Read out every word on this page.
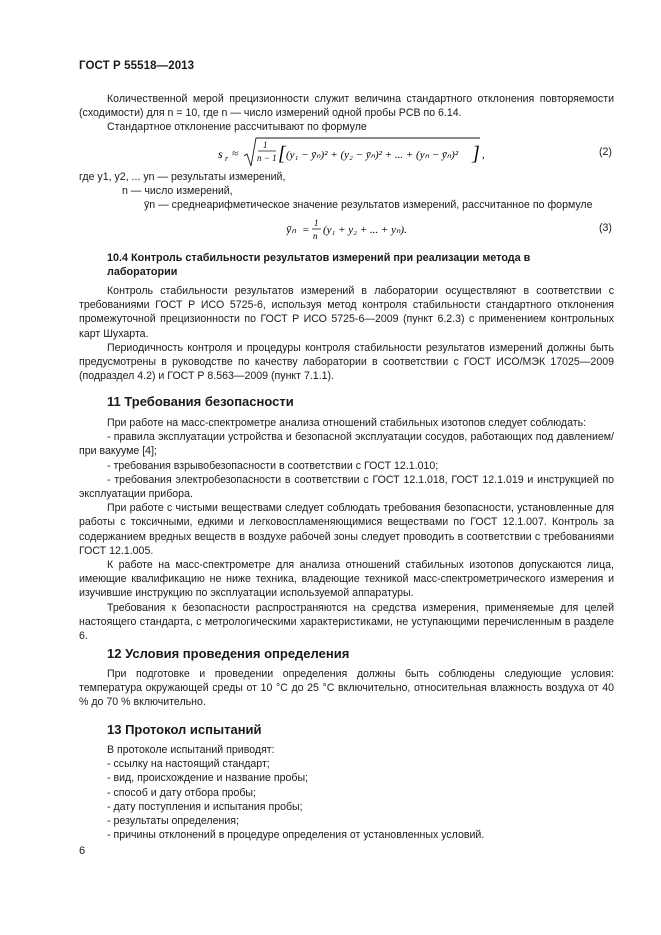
ГОСТ Р 55518—2013

Количественной мерой прецизионности служит величина стандартного отклонения повторяемости (сходимости) для n = 10, где n — число измерений одной пробы PCB по 6.14.

Стандартное отклонение рассчитывают по формуле

s r ≈
1
n − 1 [ (y₁ − ȳₙ)² + (y₂ − ȳₙ)² + ... + (yₙ − ȳₙ)² ] ,	(2)
где y1, y2, ... yn — результаты измерений,
n — число измерений,
ȳn — среднеарифметическое значение результатов измерений, рассчитанное по формуле
ȳₙ =
1
n (y₁ + y₂ + ... + yₙ).	(3)
10.4 Контроль стабильности результатов измерений при реализации метода в лаборатории

Контроль стабильности результатов измерений в лаборатории осуществляют в соответствии с требованиями ГОСТ Р ИСО 5725-6, используя метод контроля стабильности стандартного отклонения промежуточной прецизионности по ГОСТ Р ИСО 5725-6—2009 (пункт 6.2.3) с применением контрольных карт Шухарта.

Периодичность контроля и процедуры контроля стабильности результатов измерений должны быть предусмотрены в руководстве по качеству лаборатории в соответствии с ГОСТ ИСО/МЭК 17025—2009 (подраздел 4.2) и ГОСТ Р 8.563—2009 (пункт 7.1.1).

11 Требования безопасности

При работе на масс-спектрометре анализа отношений стабильных изотопов следует соблюдать:

- правила эксплуатации устройства и безопасной эксплуатации сосудов, работающих под давлением/при вакууме [4];

- требования взрывобезопасности в соответствии с ГОСТ 12.1.010;

- требования электробезопасности в соответствии с ГОСТ 12.1.018, ГОСТ 12.1.019 и инструкцией по эксплуатации прибора.

При работе с чистыми веществами следует соблюдать требования безопасности, установленные для работы с токсичными, едкими и легковоспламеняющимися веществами по ГОСТ 12.1.007. Контроль за содержанием вредных веществ в воздухе рабочей зоны следует проводить в соответствии с требованиями ГОСТ 12.1.005.

К работе на масс-спектрометре для анализа отношений стабильных изотопов допускаются лица, имеющие квалификацию не ниже техника, владеющие техникой масс-спектрометрического измерения и изучившие инструкцию по эксплуатации используемой аппаратуры.

Требования к безопасности распространяются на средства измерения, применяемые для целей настоящего стандарта, с метрологическими характеристиками, не уступающими перечисленным в разделе 6.

12 Условия проведения определения

При подготовке и проведении определения должны быть соблюдены следующие условия: температура окружающей среды от 10 °С до 25 °С включительно, относительная влажность воздуха от 40 % до 70 % включительно.

13 Протокол испытаний

В протоколе испытаний приводят:

- ссылку на настоящий стандарт;

- вид, происхождение и название пробы;

- способ и дату отбора пробы;

- дату поступления и испытания пробы;

- результаты определения;

- причины отклонений в процедуре определения от установленных условий.

6
